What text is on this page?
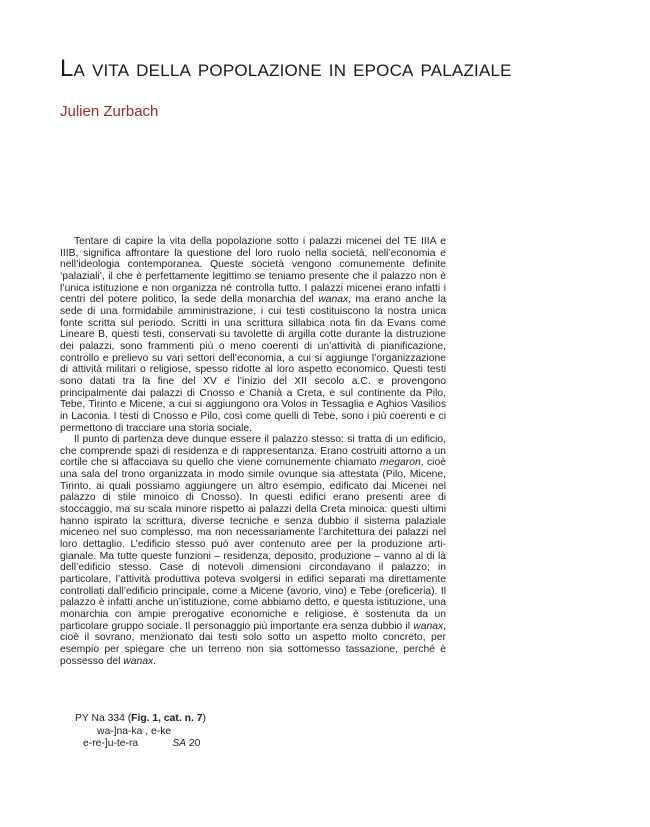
La vita della popolazione in epoca palaziale
Julien Zurbach

Tentare di capire la vita della popolazione sotto i palazzi micenei del TE IIIA e IIIB, significa affrontare la questione del loro ruolo nella società, nell’economia e nell’ideologia contemporanea. Queste società vengono comunemente definite ‘palaziali’, il che è perfettamente legittimo se teniamo presente che il palazzo non è l’unica istituzione e non organizza né controlla tutto. I palazzi micenei erano infatti i centri del potere politico, la sede della monarchia del wanax, ma erano anche la sede di una formidabile amministrazione, i cui testi costituiscono la nostra unica fonte scritta sul periodo. Scritti in una scrittura sillabica nota fin da Evans come Lineare B, questi testi, conservati su tavolette di argilla cotte durante la distruzione dei palazzi, sono frammenti più o meno coerenti di un’attività di pianificazione, controllo e prelievo su vari settori dell’economia, a cui si aggiunge l’organizzazione di attività militari o religiose, spesso ridotte al loro aspetto economico. Questi testi sono datati tra la fine del XV e l’inizio del XII secolo a.C. e provengono principalmente dai palazzi di Cnosso e Chanià a Creta, e sul continente da Pilo, Tebe, Tirinto e Micene, a cui si aggiungono ora Volos in Tessaglia e Aghios Vasilios in Laconia. I testi di Cnosso e Pilo, così come quelli di Tebe, sono i più coerenti e ci permettono di tracciare una storia sociale.

Il punto di partenza deve dunque essere il palazzo stesso: si tratta di un edificio, che comprende spazi di residenza e di rappresentanza. Erano costruiti attorno a un cortile che si affacciava su quello che viene comunemente chiamato megaron, cioè una sala del trono organizzata in modo simile ovunque sia attestata (Pilo, Micene, Tirinto, ai quali possiamo aggiungere un altro esempio, edificato dai Micenei nel palazzo di stile minoico di Cnosso). In questi edifici erano presenti aree di stoccaggio, ma su scala minore rispetto ai palazzi della Creta minoica: questi ultimi hanno ispirato la scrittura, diverse tecniche e senza dubbio il sistema palaziale miceneo nel suo complesso, ma non necessariamente l’architettura dei palazzi nel loro dettaglio. L’edificio stesso può aver contenuto aree per la produzione artigianale. Ma tutte queste funzioni – residenza, deposito, produzione – vanno al di là dell’edificio stesso. Case di notevoli dimensioni circondavano il palazzo; in particolare, l’attività produttiva poteva svolgersi in edifici separati ma direttamente controllati dall’edificio principale, come a Micene (avorio, vino) e Tebe (oreficeria). Il palazzo è infatti anche un’istituzione, come abbiamo detto, e questa istituzione, una monarchia con ampie prerogative economiche e religiose, è sostenuta da un particolare gruppo sociale. Il personaggio più importante era senza dubbio il wanax, cioè il sovrano, menzionato dai testi solo sotto un aspetto molto concreto, per esempio per spiegare che un terreno non sia sottomesso tassazione, perché è possesso del wanax.

PY Na 334 (Fig. 1, cat. n. 7)

wa-]na-ka , e-ke

e-re-]u-te-ra	SA 20
